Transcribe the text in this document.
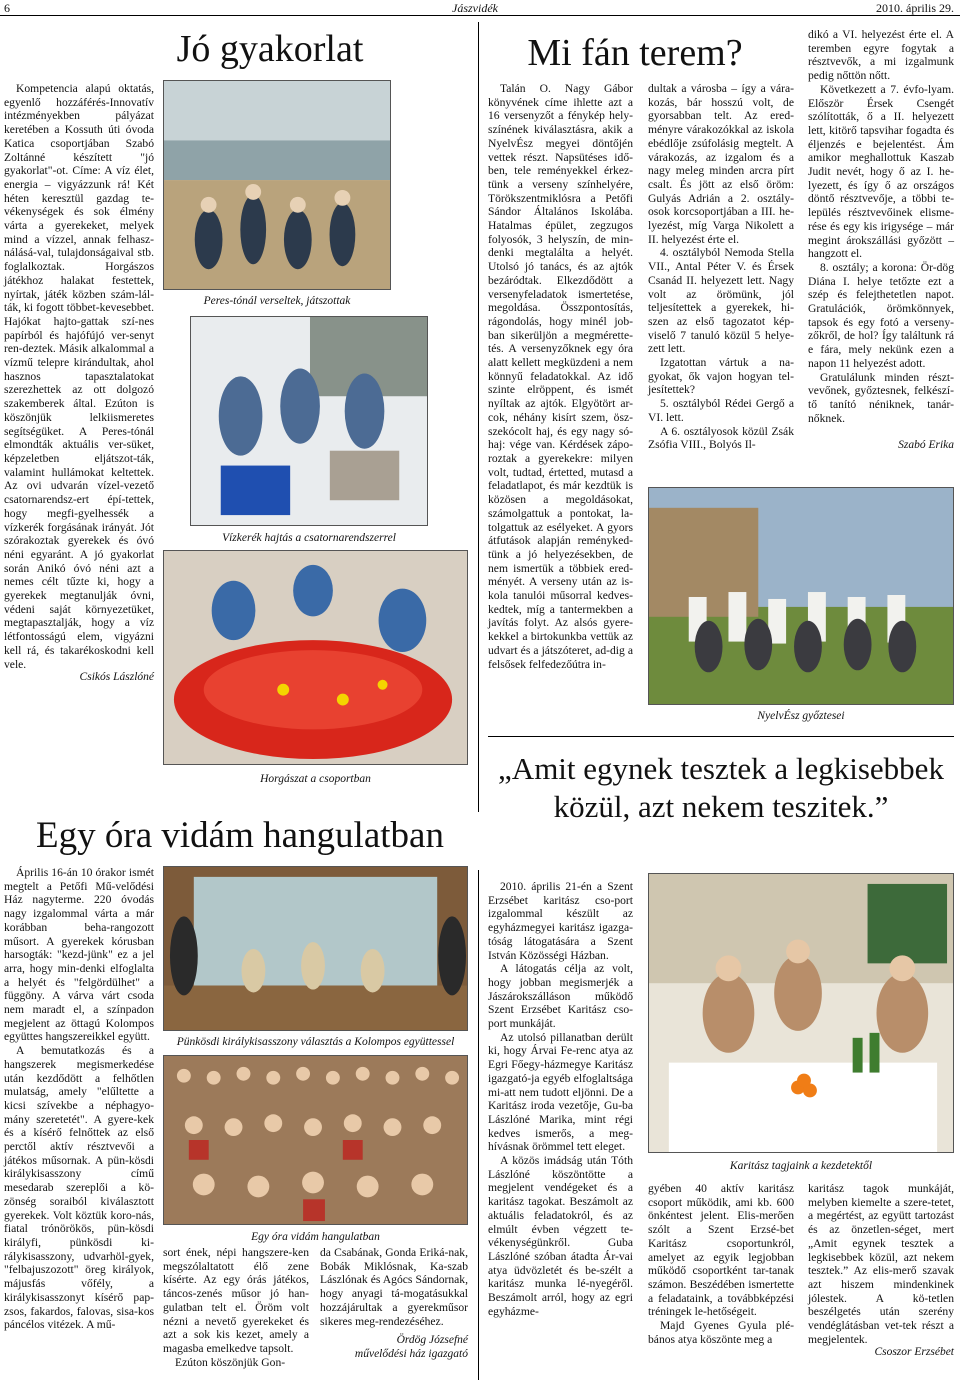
6	Jászvidék	2010. április 29.
Jó gyakorlat

Kompetencia alapú oktatás, egyenlő hozzáférés-Innovatív intézményekben pályázat keretében a Kossuth úti óvoda Katica csoportjában Szabó Zoltánné készített "jó gyakorlat"-ot. Címe: A víz élet, energia – vigyázzunk rá! Két héten keresztül gazdag te-vékenységek és sok élmény várta a gyerekeket, melyek mind a vízzel, annak felhasz-nálásá-val, tulajdonságaival stb. foglalkoztak. Horgászos játékhoz halakat festettek, nyírtak, játék közben szám-lál-ták, ki fogott többet-kevesebbet. Hajókat hajto-gattak szí-nes papírból és hajófújó ver-senyt ren-deztek. Másik alkalommal a vízmű telepre kirándultak, ahol hasznos tapasztalatokat szerezhettek az ott dolgozó szakemberek által. Ezúton is köszönjük lelkiismeretes segítségüket. A Peres-tónál elmondták aktuális ver-süket, képzeletben eljátszot-ták, valamint hullámokat keltettek. Az ovi udvarán vízel-vezető csatornarendsz-ert épí-tettek, hogy megfi-gyelhessék a vízkerék forgásának irányát. Jót szórakoztak gyerekek és óvó néni egyaránt. A jó gyakorlat során Anikó óvó néni azt a nemes célt tűzte ki, hogy a gyerekek megtanulják óvni, védeni saját környezetüket, megtapasztalják, hogy a víz létfontosságú elem, vigyázni kell rá, és takarékoskodni kell vele.

Csikós Lászlóné
Peres-tónál verseltek, játszottak
Vízkerék hajtás a csatornarendszerrel
Horgászat a csoportban
Mi fán terem?

Talán O. Nagy Gábor könyvének címe ihlette azt a 16 versenyzőt a fénykép hely-színének kiválasztásra, akik a NyelvÉsz megyei döntőjén vettek részt. Napsütéses idő-ben, tele reményekkel érkez-tünk a verseny színhelyére, Törökszentmiklósra a Petőfi Sándor Általános Iskolába. Hatalmas épület, zegzugos folyosók, 3 helyszín, de min-denki megtalálta a helyét. Utolsó jó tanács, és az ajtók bezáródtak. Elkezdődött a versenyfeladatok ismertetése, megoldása. Összpontosítás, rágondolás, hogy minél job-ban sikerüljön a megmérette-tés. A versenyzőknek egy óra alatt kellett megküzdeni a nem könnyű feladatokkal. Az idő szinte elröppent, és ismét nyíltak az ajtók. Elgyötört ar-cok, néhány kisírt szem, ösz-szekócolt haj, és egy nagy só-haj: vége van. Kérdések zápo-roztak a gyerekekre: milyen volt, tudtad, értetted, mutasd a feladatlapot, és már kezdtük is közösen a megoldásokat, számolgattuk a pontokat, la-tolgattuk az esélyeket. A gyors átfutások alapján reményked-tünk a jó helyezésekben, de nem ismertük a többiek ered-ményét. A verseny után az is-kola tanulói műsorral kedves-kedtek, míg a tantermekben a javítás folyt. Az alsós gyere-kekkel a birtokunkba vettük az udvart és a játszóteret, ad-dig a felsősek felfedezőútra in-

dultak a városba – így a vára-kozás, bár hosszú volt, de gyorsabban telt. Az ered-ményre várakozókkal az iskola ebédlője zsúfolásig megtelt. A várakozás, az izgalom és a nagy meleg minden arcra pírt csalt. És jött az első öröm: Gulyás Adrián a 2. osztály-osok korcsoportjában a III. he-lyezést, míg Varga Nikolett a II. helyezést érte el.

4. osztályból Nemoda Stella VII., Antal Péter V. és Érsek Csanád II. helyezett lett. Nagy volt az örömünk, jól teljesítettek a gyerekek, hi-szen az első tagozatot kép-viselő 7 tanuló közül 5 helye-zett lett.

Izgatottan vártuk a na-gyokat, ők vajon hogyan tel-jesítettek?

5. osztályból Rédei Gergő a VI. lett.

A 6. osztályosok közül Zsák Zsófia VIII., Bolyós Il-

dikó a VI. helyezést érte el. A teremben egyre fogytak a résztvevők, a mi izgalmunk pedig nőttön nőtt.

Következett a 7. évfo-lyam. Először Érsek Csengét szólították, ő a II. helyezett lett, kitörő tapsvihar fogadta és éljenzés e bejelentést. Ám amikor meghallottuk Kaszab Judit nevét, hogy ő az I. he-lyezett, és így ő az országos döntő résztvevője, a többi te-lepülés résztvevőinek elisme-rése és egy kis irigysége – már megint árokszállási győzött – hangzott el.

8. osztály; a korona: Ör-dög Diána I. helye tetőzte ezt a szép és felejthetetlen napot. Gratulációk, örömkönnyek, tapsok és egy fotó a verseny-zőkről, de hol? Így találtunk rá e fára, mely nekünk ezen a napon 11 helyezést adott.

Gratulálunk minden részt-vevőnek, győztesnek, felkészí-tő tanító néniknek, tanár-nőknek.

Szabó Erika
NyelvÉsz győztesei
„Amit egynek tesztek a legkisebbek közül, azt nekem teszitek.”
Egy óra vidám hangulatban

Április 16-án 10 órakor ismét megtelt a Petőfi Mű-velődési Ház nagyterme. 220 óvodás nagy izgalommal várta a már korábban beha-rangozott műsort. A gyerekek kórusban harsogták: "kezd-jünk" ez a jel arra, hogy min-denki elfoglalta a helyét és "felgördülhet" a függöny. A várva várt csoda nem maradt el, a színpadon megjelent az öttagú Kolompos együttes hangszereikkel együtt.

A bemutatkozás és a hangszerek megismerkedése után kezdődött a felhőtlen mulatság, amely "elűltette a kicsi szívekbe a néphagyo-mány szeretetét". A gyere-kek és a kísérő felnőttek az első perctől aktív résztvevői a játékos műsornak. A pün-kösdi királykisasszony című mesedarab szereplői a kö-zönség soraiból kiválasztott gyerekek. Volt köztük koro-nás, fiatal trónörökös, pün-kösdi királyfi, pünkösdi ki-rálykisasszony, udvarhöl-gyek, "felbajuszozott" öreg királyok, májusfás vőfély, a királykisasszonyt kísérő pap-zsos, fakardos, falovas, sisa-kos páncélos vitézek. A mű-

Pünkösdi királykisasszony választás a Kolompos együttessel
Egy óra vidám hangulatban

sort ének, népi hangszere-ken megszólaltatott élő zene kísérte. Az egy órás játékos, táncos-zenés műsor jó han-gulatban telt el. Öröm volt nézni a nevető gyerekeket és azt a sok kis kezet, amely a magasba emelkedve tapsolt.

Ezúton köszönjük Gon-

da Csabának, Gonda Eriká-nak, Bobák Miklósnak, Ka-szab Lászlónak és Agócs Sándornak, hogy anyagi tá-mogatásukkal hozzájárultak a gyerekműsor sikeres meg-rendezéséhez.

Ördög Józsefné
művelődési ház igazgató

2010. április 21-én a Szent Erzsébet karitász cso-port izgalommal készült az egyházmegyei karitász igazga-tóság látogatására a Szent István Közösségi Házban.

A látogatás célja az volt, hogy jobban megismerjék a Jászárokszálláson működő Szent Erzsébet Karitász cso-port munkáját.

Az utolsó pillanatban derült ki, hogy Árvai Fe-renc atya az Egri Főegy-házmegye Karitász igazgató-ja egyéb elfoglaltsága mi-att nem tudott eljönni. De a Karitász iroda vezetője, Gu-ba Lászlóné Marika, mint régi kedves ismerős, a meg-hívásnak örömmel tett eleget.

A közös imádság után Tóth Lászlóné köszöntötte a megjelent vendégeket és a karitász tagokat. Beszámolt az aktuális feladatokról, és az elmúlt évben végzett te-vékenységünkről. Guba Lászlóné szóban átadta Ár-vai atya üdvözletét és be-szélt a karitász munka lé-nyegéről. Beszámolt arról, hogy az egri egyházme-

Karitász tagjaink a kezdetektől

gyében 40 aktív karitász csoport működik, ami kb. 600 önkéntest jelent. Elis-merően szólt a Szent Erzsé-bet Karitász csoportunkról, amelyet az egyik legjobban működő csoportként tar-tanak számon. Beszédében ismertette a feladataink, a továbbképzési tréningek le-hetőségeit.

Majd Gyenes Gyula plé-bános atya köszönte meg a

karitász tagok munkáját, melyben kiemelte a szere-tetet, a megértést, az együtt tartozást és az önzetlen-séget, mert „Amit egynek tesztek a legkisebbek közül, azt nekem tesztek.” Az elis-merő szavak azt hiszem mindenkinek jólestek. A kö-tetlen beszélgetés után szerény vendéglátásban vet-tek részt a megjelentek.

Csoszor Erzsébet
